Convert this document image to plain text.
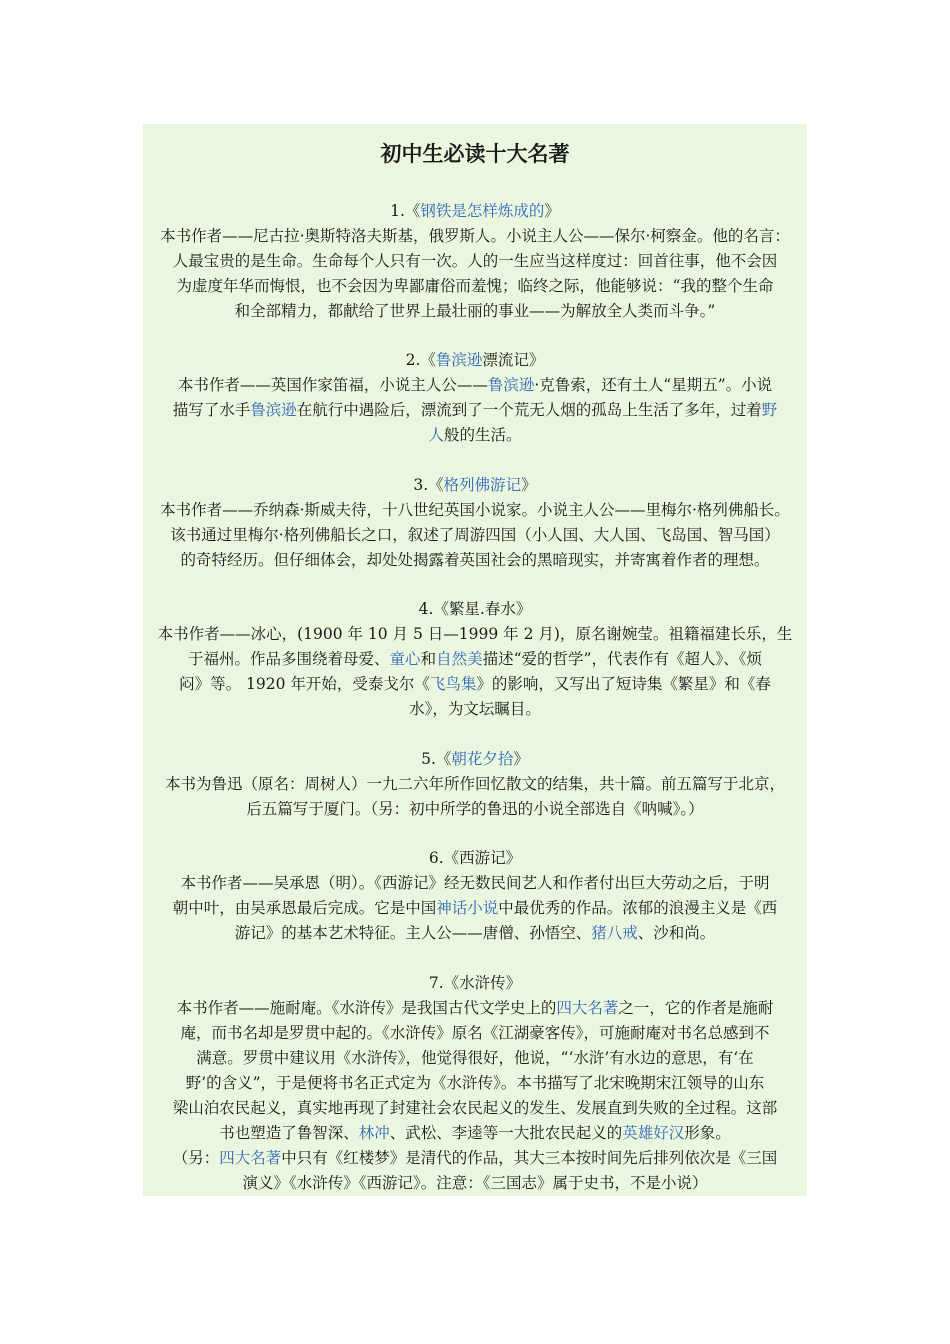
初中生必读十大名著
1.《钢铁是怎样炼成的》
本书作者——尼古拉·奥斯特洛夫斯基，俄罗斯人。小说主人公——保尔·柯察金。他的名言：
人最宝贵的是生命。生命每个人只有一次。人的一生应当这样度过：回首往事，他不会因
为虚度年华而悔恨，也不会因为卑鄙庸俗而羞愧；临终之际，他能够说：“我的整个生命
和全部精力，都献给了世界上最壮丽的事业——为解放全人类而斗争。”
2.《鲁滨逊漂流记》
本书作者——英国作家笛福，小说主人公——鲁滨逊·克鲁索，还有土人“星期五”。小说
描写了水手鲁滨逊在航行中遇险后，漂流到了一个荒无人烟的孤岛上生活了多年，过着野
人般的生活。
3.《格列佛游记》
本书作者——乔纳森·斯威夫待，十八世纪英国小说家。小说主人公——里梅尔·格列佛船长。
该书通过里梅尔·格列佛船长之口，叙述了周游四国（小人国、大人国、飞岛国、智马国）
的奇特经历。但仔细体会，却处处揭露着英国社会的黑暗现实，并寄寓着作者的理想。
4.《繁星.春水》
本书作者——冰心，(1900 年 10 月 5 日—1999 年 2 月)，原名谢婉莹。祖籍福建长乐，生
于福州。作品多围绕着母爱、童心和自然美描述“爱的哲学”，代表作有《超人》、《烦
闷》等。 1920 年开始，受泰戈尔《飞鸟集》的影响，又写出了短诗集《繁星》和《春
水》，为文坛瞩目。
5.《朝花夕拾》
本书为鲁迅（原名：周树人）一九二六年所作回忆散文的结集，共十篇。前五篇写于北京，
后五篇写于厦门。（另：初中所学的鲁迅的小说全部选自《呐喊》。）
6.《西游记》
本书作者——吴承恩（明）。《西游记》经无数民间艺人和作者付出巨大劳动之后，于明
朝中叶，由吴承恩最后完成。它是中国神话小说中最优秀的作品。浓郁的浪漫主义是《西
游记》的基本艺术特征。主人公——唐僧、孙悟空、猪八戒、沙和尚。
7.《水浒传》
本书作者——施耐庵。《水浒传》是我国古代文学史上的四大名著之一，它的作者是施耐
庵，而书名却是罗贯中起的。《水浒传》原名《江湖豪客传》，可施耐庵对书名总感到不
满意。罗贯中建议用《水浒传》，他觉得很好，他说，“‘水浒’有水边的意思，有‘在
野’的含义”，于是便将书名正式定为《水浒传》。本书描写了北宋晚期宋江领导的山东
梁山泊农民起义，真实地再现了封建社会农民起义的发生、发展直到失败的全过程。这部
书也塑造了鲁智深、林冲、武松、李逵等一大批农民起义的英雄好汉形象。
（另：四大名著中只有《红楼梦》是清代的作品，其大三本按时间先后排列依次是《三国
演义》《水浒传》《西游记》。注意：《三国志》属于史书，不是小说）
